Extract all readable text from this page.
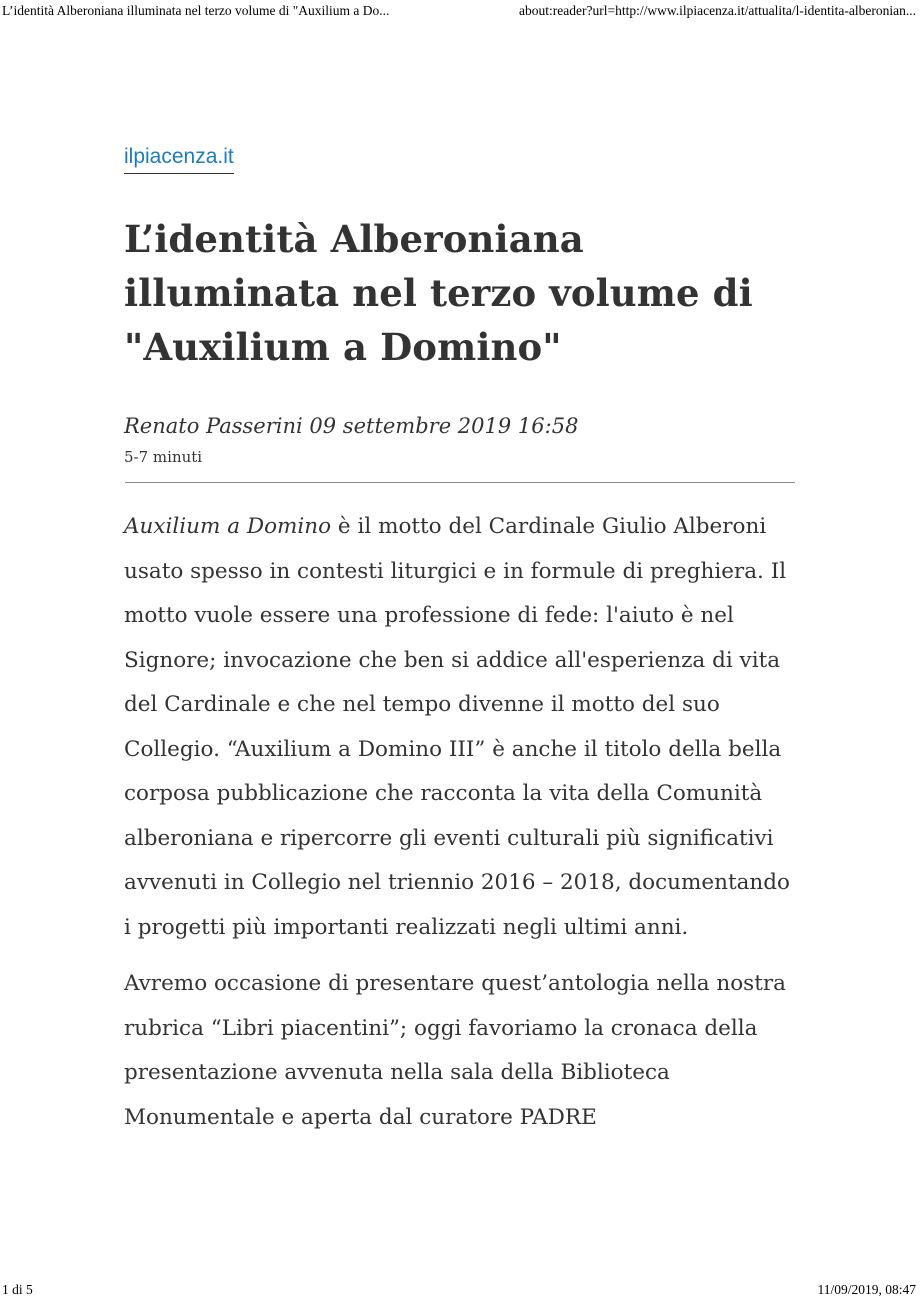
L’identità Alberoniana illuminata nel terzo volume di "Auxilium a Do...	about:reader?url=http://www.ilpiacenza.it/attualita/l-identita-alberonian...
ilpiacenza.it
L’identità Alberoniana illuminata nel terzo volume di "Auxilium a Domino"
Renato Passerini 09 settembre 2019 16:58
5-7 minuti

Auxilium a Domino è il motto del Cardinale Giulio Alberoni usato spesso in contesti liturgici e in formule di preghiera. Il motto vuole essere una professione di fede: l'aiuto è nel Signore; invocazione che ben si addice all'esperienza di vita del Cardinale e che nel tempo divenne il motto del suo Collegio. “Auxilium a Domino III” è anche il titolo della bella corposa pubblicazione che racconta la vita della Comunità alberoniana e ripercorre gli eventi culturali più significativi avvenuti in Collegio nel triennio 2016 – 2018, documentando i progetti più importanti realizzati negli ultimi anni.

Avremo occasione di presentare quest’antologia nella nostra rubrica “Libri piacentini”; oggi favoriamo la cronaca della presentazione avvenuta nella sala della Biblioteca Monumentale e aperta dal curatore PADRE

1 di 5	11/09/2019, 08:47
